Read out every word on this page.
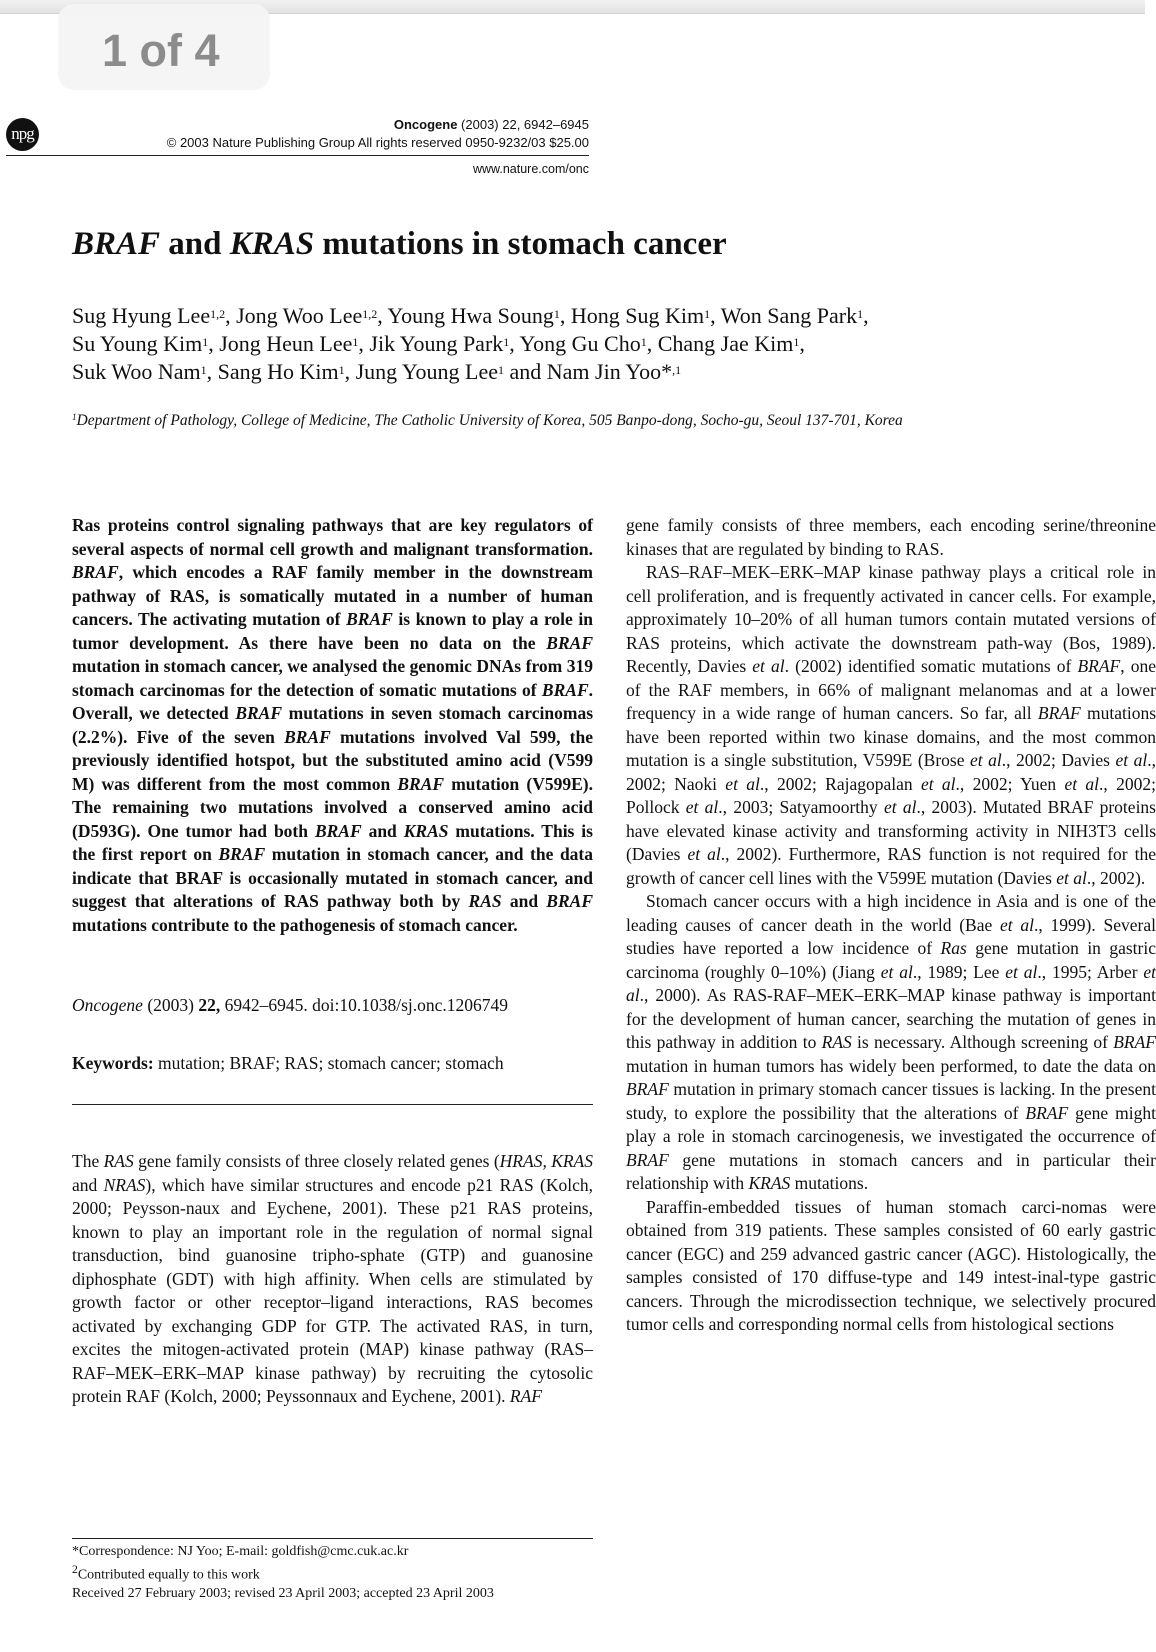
1 of 4
npg	Oncogene (2003) 22, 6942–6945
© 2003 Nature Publishing Group All rights reserved 0950-9232/03 $25.00
www.nature.com/onc
BRAF and KRAS mutations in stomach cancer
Sug Hyung Lee$^{1,2}$, Jong Woo Lee$^{1,2}$, Young Hwa Soung$^1$, Hong Sug Kim$^1$, Won Sang Park$^1$,
Su Young Kim$^1$, Jong Heun Lee$^1$, Jik Young Park$^1$, Yong Gu Cho$^1$, Chang Jae Kim$^1$,
Suk Woo Nam$^1$, Sang Ho Kim$^1$, Jung Young Lee$^1$ and Nam Jin Yoo*$^{,1}$
$^1$Department of Pathology, College of Medicine, The Catholic University of Korea, 505 Banpo-dong, Socho-gu, Seoul 137-701, Korea

Ras proteins control signaling pathways that are key regulators of several aspects of normal cell growth and malignant transformation. BRAF, which encodes a RAF family member in the downstream pathway of RAS, is somatically mutated in a number of human cancers. The activating mutation of BRAF is known to play a role in tumor development. As there have been no data on the BRAF mutation in stomach cancer, we analysed the genomic DNAs from 319 stomach carcinomas for the detection of somatic mutations of BRAF. Overall, we detected BRAF mutations in seven stomach carcinomas (2.2%). Five of the seven BRAF mutations involved Val 599, the previously identified hotspot, but the substituted amino acid (V599 M) was different from the most common BRAF mutation (V599E). The remaining two mutations involved a conserved amino acid (D593G). One tumor had both BRAF and KRAS mutations. This is the first report on BRAF mutation in stomach cancer, and the data indicate that BRAF is occasionally mutated in stomach cancer, and suggest that alterations of RAS pathway both by RAS and BRAF mutations contribute to the pathogenesis of stomach cancer.

Oncogene (2003) 22, 6942–6945. doi:10.1038/sj.onc.1206749
Keywords: mutation; BRAF; RAS; stomach cancer; stomach

The RAS gene family consists of three closely related genes (HRAS, KRAS and NRAS), which have similar structures and encode p21 RAS (Kolch, 2000; Peysson-naux and Eychene, 2001). These p21 RAS proteins, known to play an important role in the regulation of normal signal transduction, bind guanosine tripho-sphate (GTP) and guanosine diphosphate (GDT) with high affinity. When cells are stimulated by growth factor or other receptor–ligand interactions, RAS becomes activated by exchanging GDP for GTP. The activated RAS, in turn, excites the mitogen-activated protein (MAP) kinase pathway (RAS–RAF–MEK–ERK–MAP kinase pathway) by recruiting the cytosolic protein RAF (Kolch, 2000; Peyssonnaux and Eychene, 2001). RAF

*Correspondence: NJ Yoo; E-mail: goldfish@cmc.cuk.ac.kr

$^2$Contributed equally to this work

Received 27 February 2003; revised 23 April 2003; accepted 23 April 2003

gene family consists of three members, each encoding serine/threonine kinases that are regulated by binding to RAS.

RAS–RAF–MEK–ERK–MAP kinase pathway plays a critical role in cell proliferation, and is frequently activated in cancer cells. For example, approximately 10–20% of all human tumors contain mutated versions of RAS proteins, which activate the downstream path-way (Bos, 1989). Recently, Davies et al. (2002) identified somatic mutations of BRAF, one of the RAF members, in 66% of malignant melanomas and at a lower frequency in a wide range of human cancers. So far, all BRAF mutations have been reported within two kinase domains, and the most common mutation is a single substitution, V599E (Brose et al., 2002; Davies et al., 2002; Naoki et al., 2002; Rajagopalan et al., 2002; Yuen et al., 2002; Pollock et al., 2003; Satyamoorthy et al., 2003). Mutated BRAF proteins have elevated kinase activity and transforming activity in NIH3T3 cells (Davies et al., 2002). Furthermore, RAS function is not required for the growth of cancer cell lines with the V599E mutation (Davies et al., 2002).

Stomach cancer occurs with a high incidence in Asia and is one of the leading causes of cancer death in the world (Bae et al., 1999). Several studies have reported a low incidence of Ras gene mutation in gastric carcinoma (roughly 0–10%) (Jiang et al., 1989; Lee et al., 1995; Arber et al., 2000). As RAS-RAF–MEK–ERK–MAP kinase pathway is important for the development of human cancer, searching the mutation of genes in this pathway in addition to RAS is necessary. Although screening of BRAF mutation in human tumors has widely been performed, to date the data on BRAF mutation in primary stomach cancer tissues is lacking. In the present study, to explore the possibility that the alterations of BRAF gene might play a role in stomach carcinogenesis, we investigated the occurrence of BRAF gene mutations in stomach cancers and in particular their relationship with KRAS mutations.

Paraffin-embedded tissues of human stomach carci-nomas were obtained from 319 patients. These samples consisted of 60 early gastric cancer (EGC) and 259 advanced gastric cancer (AGC). Histologically, the samples consisted of 170 diffuse-type and 149 intest-inal-type gastric cancers. Through the microdissection technique, we selectively procured tumor cells and corresponding normal cells from histological sections
